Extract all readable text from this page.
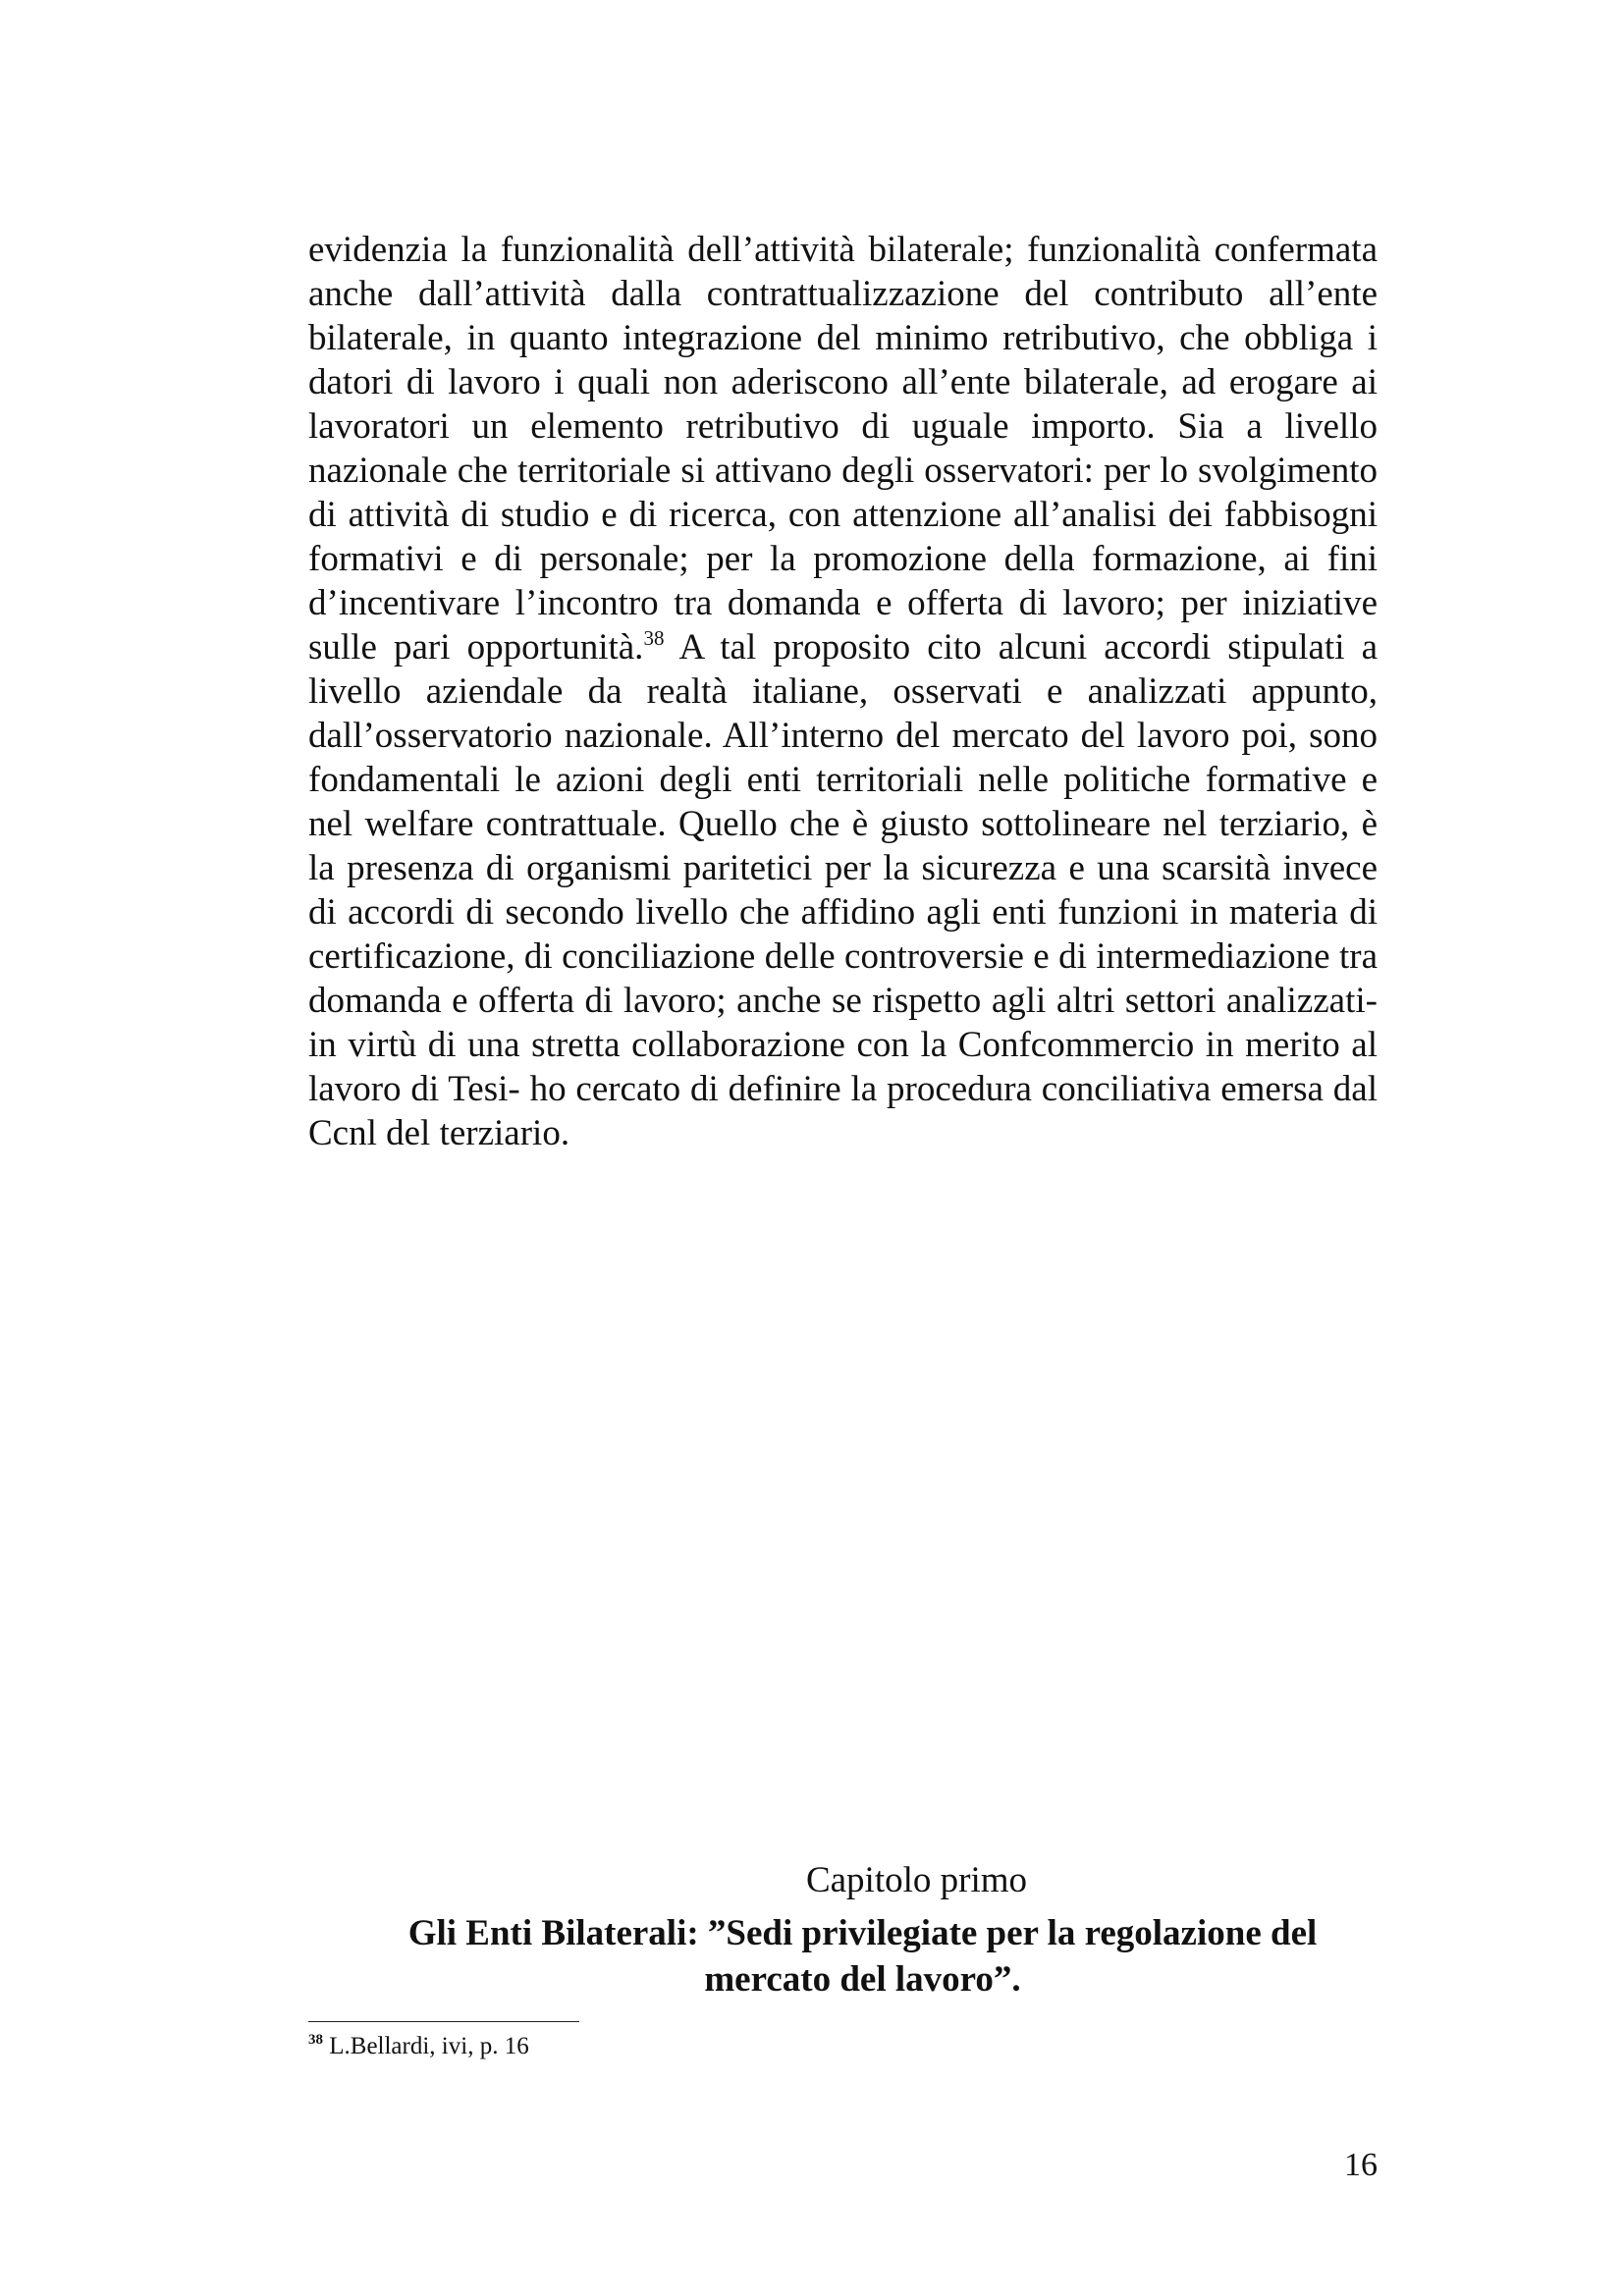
evidenzia la funzionalità dell’attività bilaterale; funzionalità confermata anche dall’attività dalla contrattualizzazione del contributo all’ente bilaterale, in quanto integrazione del minimo retributivo, che obbliga i datori di lavoro i quali non aderiscono all’ente bilaterale, ad erogare ai lavoratori un elemento retributivo di uguale importo. Sia a livello nazionale che territoriale si attivano degli osservatori: per lo svolgimento di attività di studio e di ricerca, con attenzione all’analisi dei fabbisogni formativi e di personale; per la promozione della formazione, ai fini d’incentivare l’incontro tra domanda e offerta di lavoro; per iniziative sulle pari opportunità.$^{38}$ A tal proposito cito alcuni accordi stipulati a livello aziendale da realtà italiane, osservati e analizzati appunto, dall’osservatorio nazionale. All’interno del mercato del lavoro poi, sono fondamentali le azioni degli enti territoriali nelle politiche formative e nel welfare contrattuale. Quello che è giusto sottolineare nel terziario, è la presenza di organismi paritetici per la sicurezza e una scarsità invece di accordi di secondo livello che affidino agli enti funzioni in materia di certificazione, di conciliazione delle controversie e di intermediazione tra domanda e offerta di lavoro; anche se rispetto agli altri settori analizzati- in virtù di una stretta collaborazione con la Confcommercio in merito al lavoro di Tesi- ho cercato di definire la procedura conciliativa emersa dal Ccnl del terziario.

Capitolo primo

Gli Enti Bilaterali: ”Sedi privilegiate per la regolazione del
mercato del lavoro”.

$^{38}$ L.Bellardi, ivi, p. 16

16
